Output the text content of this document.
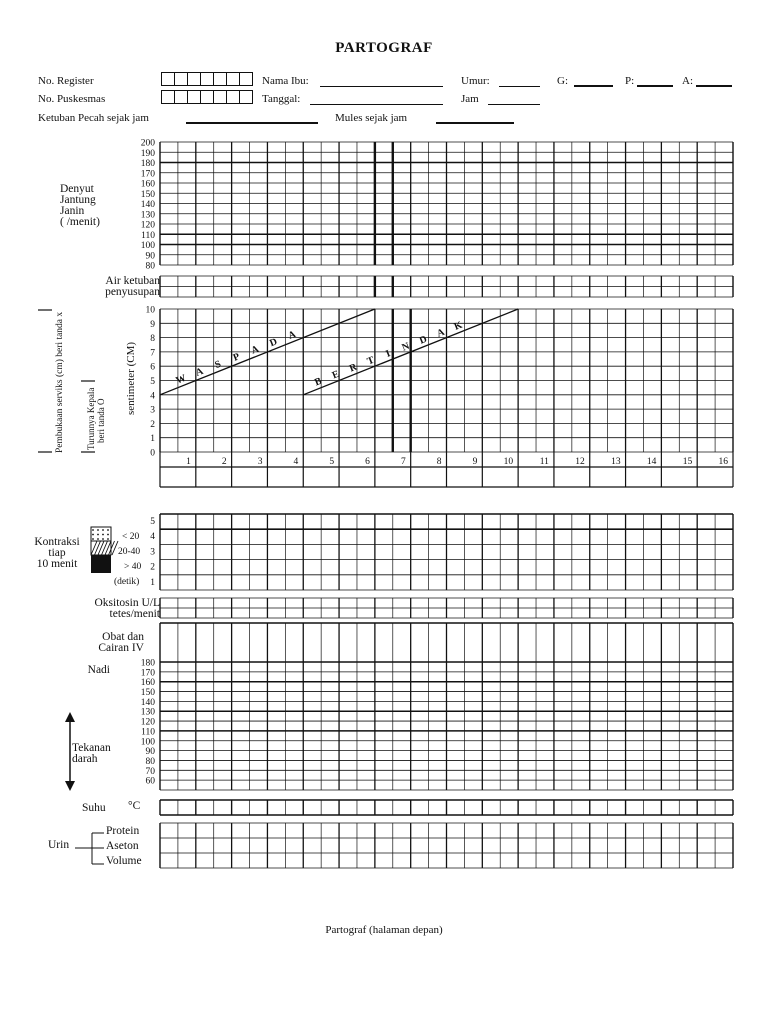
PARTOGRAF
No. Register
No. Puskesmas
Nama Ibu:
Tanggal:
Umur:
Jam
G:	P:	A:
Ketuban Pecah sejak jam	Mules sejak jam
Denyut
Jantung
Janin
( /menit)
Air ketuban
penyusupan
Kontraksi
tiap
10 menit
< 20
20-40
> 40
(detik)
Oksitosin U/L
tetes/menit
Obat dan
Cairan IV
Nadi
Tekanan
darah
Suhu	°C
Urin
Protein
Aseton
Volume
Pembukaan serviks (cm) beri tanda x Turunnya Kepala beri tanda O
sentimeter (CM)
200
190
180
170
160
150
140
130
120
110
100
90
80
10
9
8
7
6
5
4
3
2
1
0
1	2	3	4	5	6	7	8	9	10	11	12	13	14	15	16
W
A
S
P
A
D
A
B
E
R
T
I
N
D
A
K
5
4
3
2
1
180
170
160
150
140
130
120
110
100
90
80
70
60
Partograf (halaman depan)
